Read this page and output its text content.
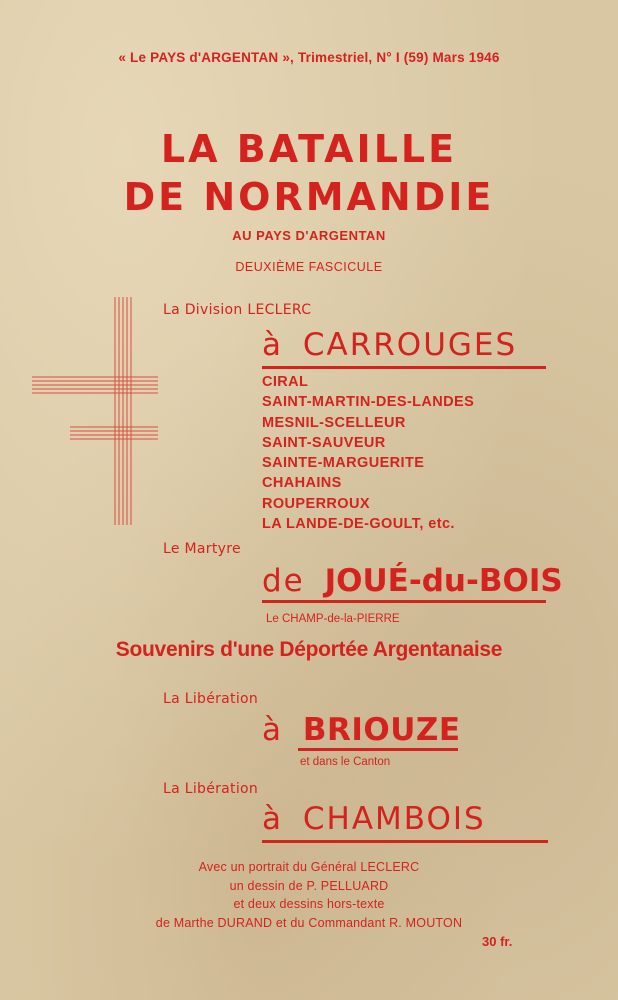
« Le PAYS d'ARGENTAN », Trimestriel, N° I (59) Mars 1946
LA BATAILLE
DE NORMANDIE
AU PAYS D'ARGENTAN
DEUXIÈME FASCICULE
La Division LECLERC
à CARROUGES
CIRAL
SAINT-MARTIN-DES-LANDES
MESNIL-SCELLEUR
SAINT-SAUVEUR
SAINTE-MARGUERITE
CHAHAINS
ROUPERROUX
LA LANDE-DE-GOULT, etc.
Le Martyre
de JOUÉ-du-BOIS
Le CHAMP-de-la-PIERRE
Souvenirs d'une Déportée Argentanaise
La Libération
à BRIOUZE
et dans le Canton
La Libération
à CHAMBOIS
Avec un portrait du Général LECLERC
un dessin de P. PELLUARD
et deux dessins hors-texte
de Marthe DURAND et du Commandant R. MOUTON
30 fr.
